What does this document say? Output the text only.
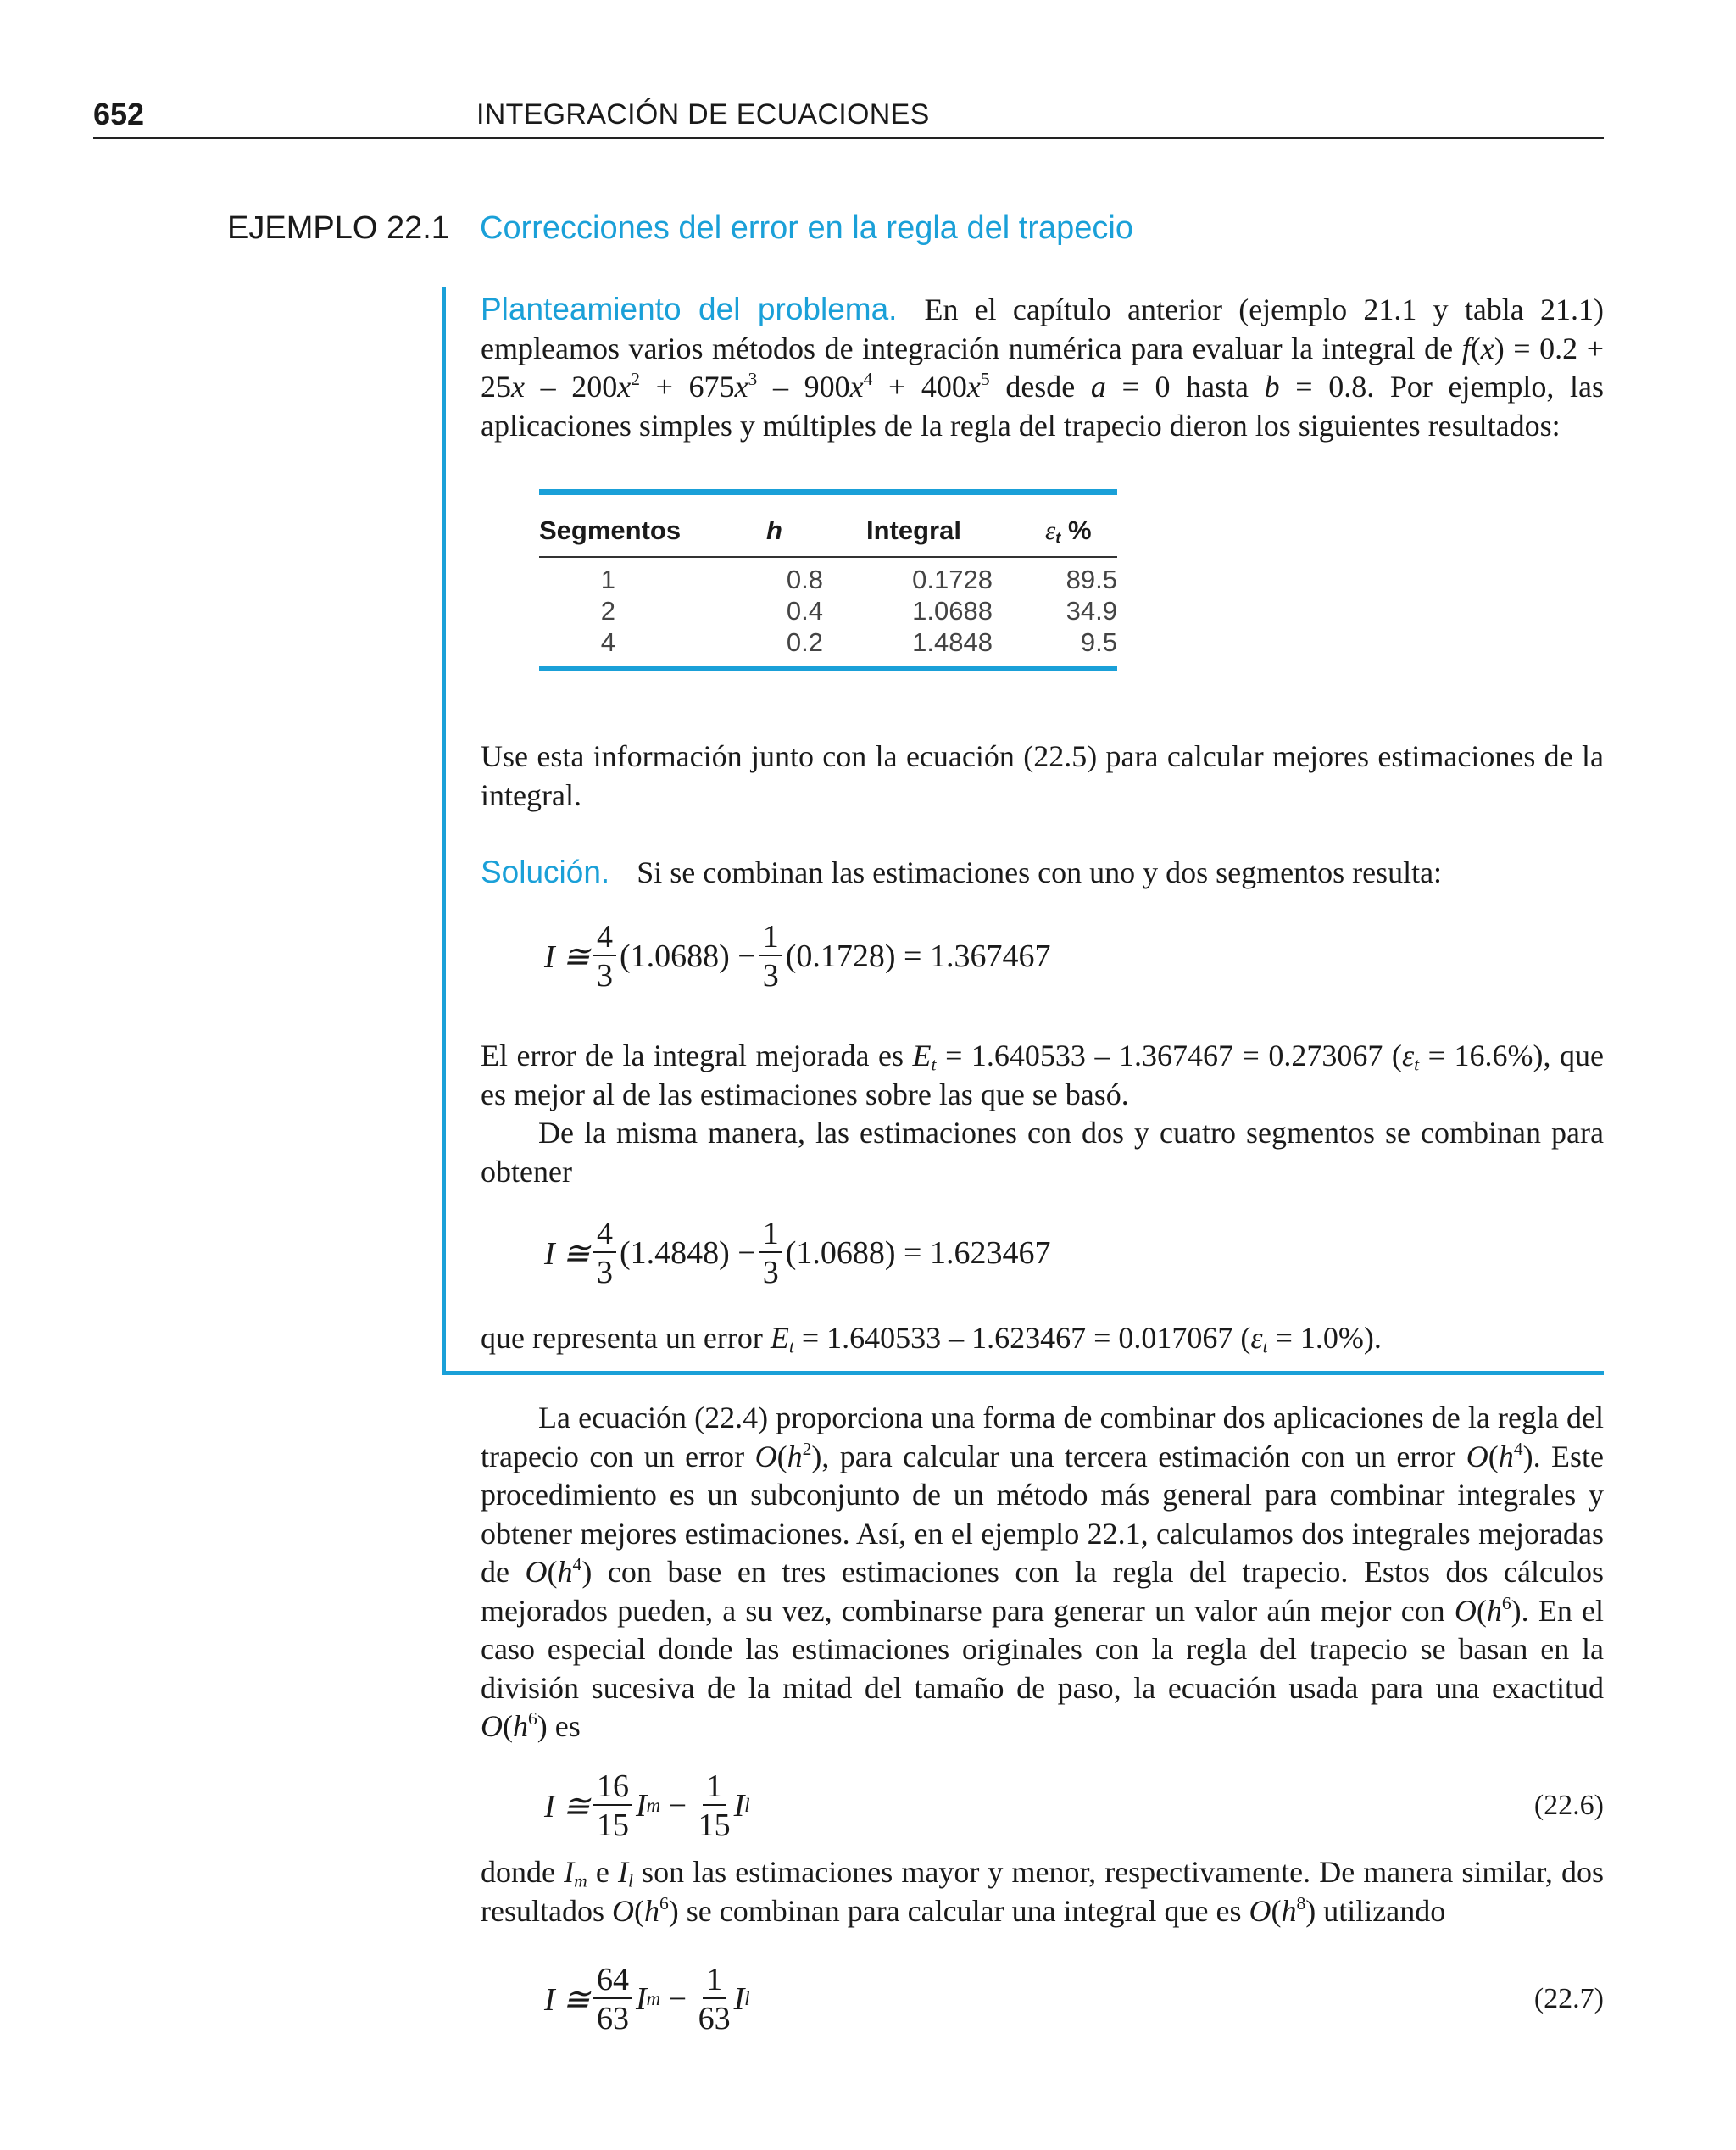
652	INTEGRACIÓN DE ECUACIONES
EJEMPLO 22.1 Correcciones del error en la regla del trapecio
Planteamiento del problema. En el capítulo anterior (ejemplo 21.1 y tabla 21.1) empleamos varios métodos de integración numérica para evaluar la integral de $f(x) = 0.2 + 25x - 200x^2 + 675x^3 - 900x^4 + 400x^5$ desde a = 0 hasta b = 0.8. Por ejemplo, las aplicaciones simples y múltiples de la regla del trapecio dieron los siguientes resultados:
Segmentos	h	Integral	$\varepsilon_t$ %
1	0.8	0.1728	89.5
2	0.4	1.0688	34.9
4	0.2	1.4848	9.5
Use esta información junto con la ecuación (22.5) para calcular mejores estimaciones de la integral.
Solución. Si se combinan las estimaciones con uno y dos segmentos resulta:
I ≅ $\frac{4}{3} (1.0688) - \frac{1}{3} (0.1728) = 1.367467$
El error de la integral mejorada es $E_t = 1.640533 - 1.367467 = 0.273067$ $(\varepsilon_t = 16.6\%)$, que es mejor al de las estimaciones sobre las que se basó.
De la misma manera, las estimaciones con dos y cuatro segmentos se combinan para obtener
I ≅ $\frac{4}{3} (1.4848) - \frac{1}{3} (1.0688) = 1.623467$
que representa un error $E_t = 1.640533 - 1.623467 = 0.017067$ $(\varepsilon_t = 1.0\%)$.
La ecuación (22.4) proporciona una forma de combinar dos aplicaciones de la regla del trapecio con un error $O(h^2)$, para calcular una tercera estimación con un error $O(h^4)$. Este procedimiento es un subconjunto de un método más general para combinar integrales y obtener mejores estimaciones. Así, en el ejemplo 22.1, calculamos dos integrales mejoradas de $O(h^4)$ con base en tres estimaciones con la regla del trapecio. Estos dos cálculos mejorados pueden, a su vez, combinarse para generar un valor aún mejor con $O(h^6)$. En el caso especial donde las estimaciones originales con la regla del trapecio se basan en la división sucesiva de la mitad del tamaño de paso, la ecuación usada para una exactitud $O(h^6)$ es
I ≅ $\frac{16}{15}$ I m
−
$\frac{1}{15}$ I l	(22.6)
donde $I_m$ e $I_l$ son las estimaciones mayor y menor, respectivamente. De manera similar, dos resultados $O(h^6)$ se combinan para calcular una integral que es $O(h^8)$ utilizando
I ≅ $\frac{64}{63}$ I m
−
$\frac{1}{63}$ I l	(22.7)
